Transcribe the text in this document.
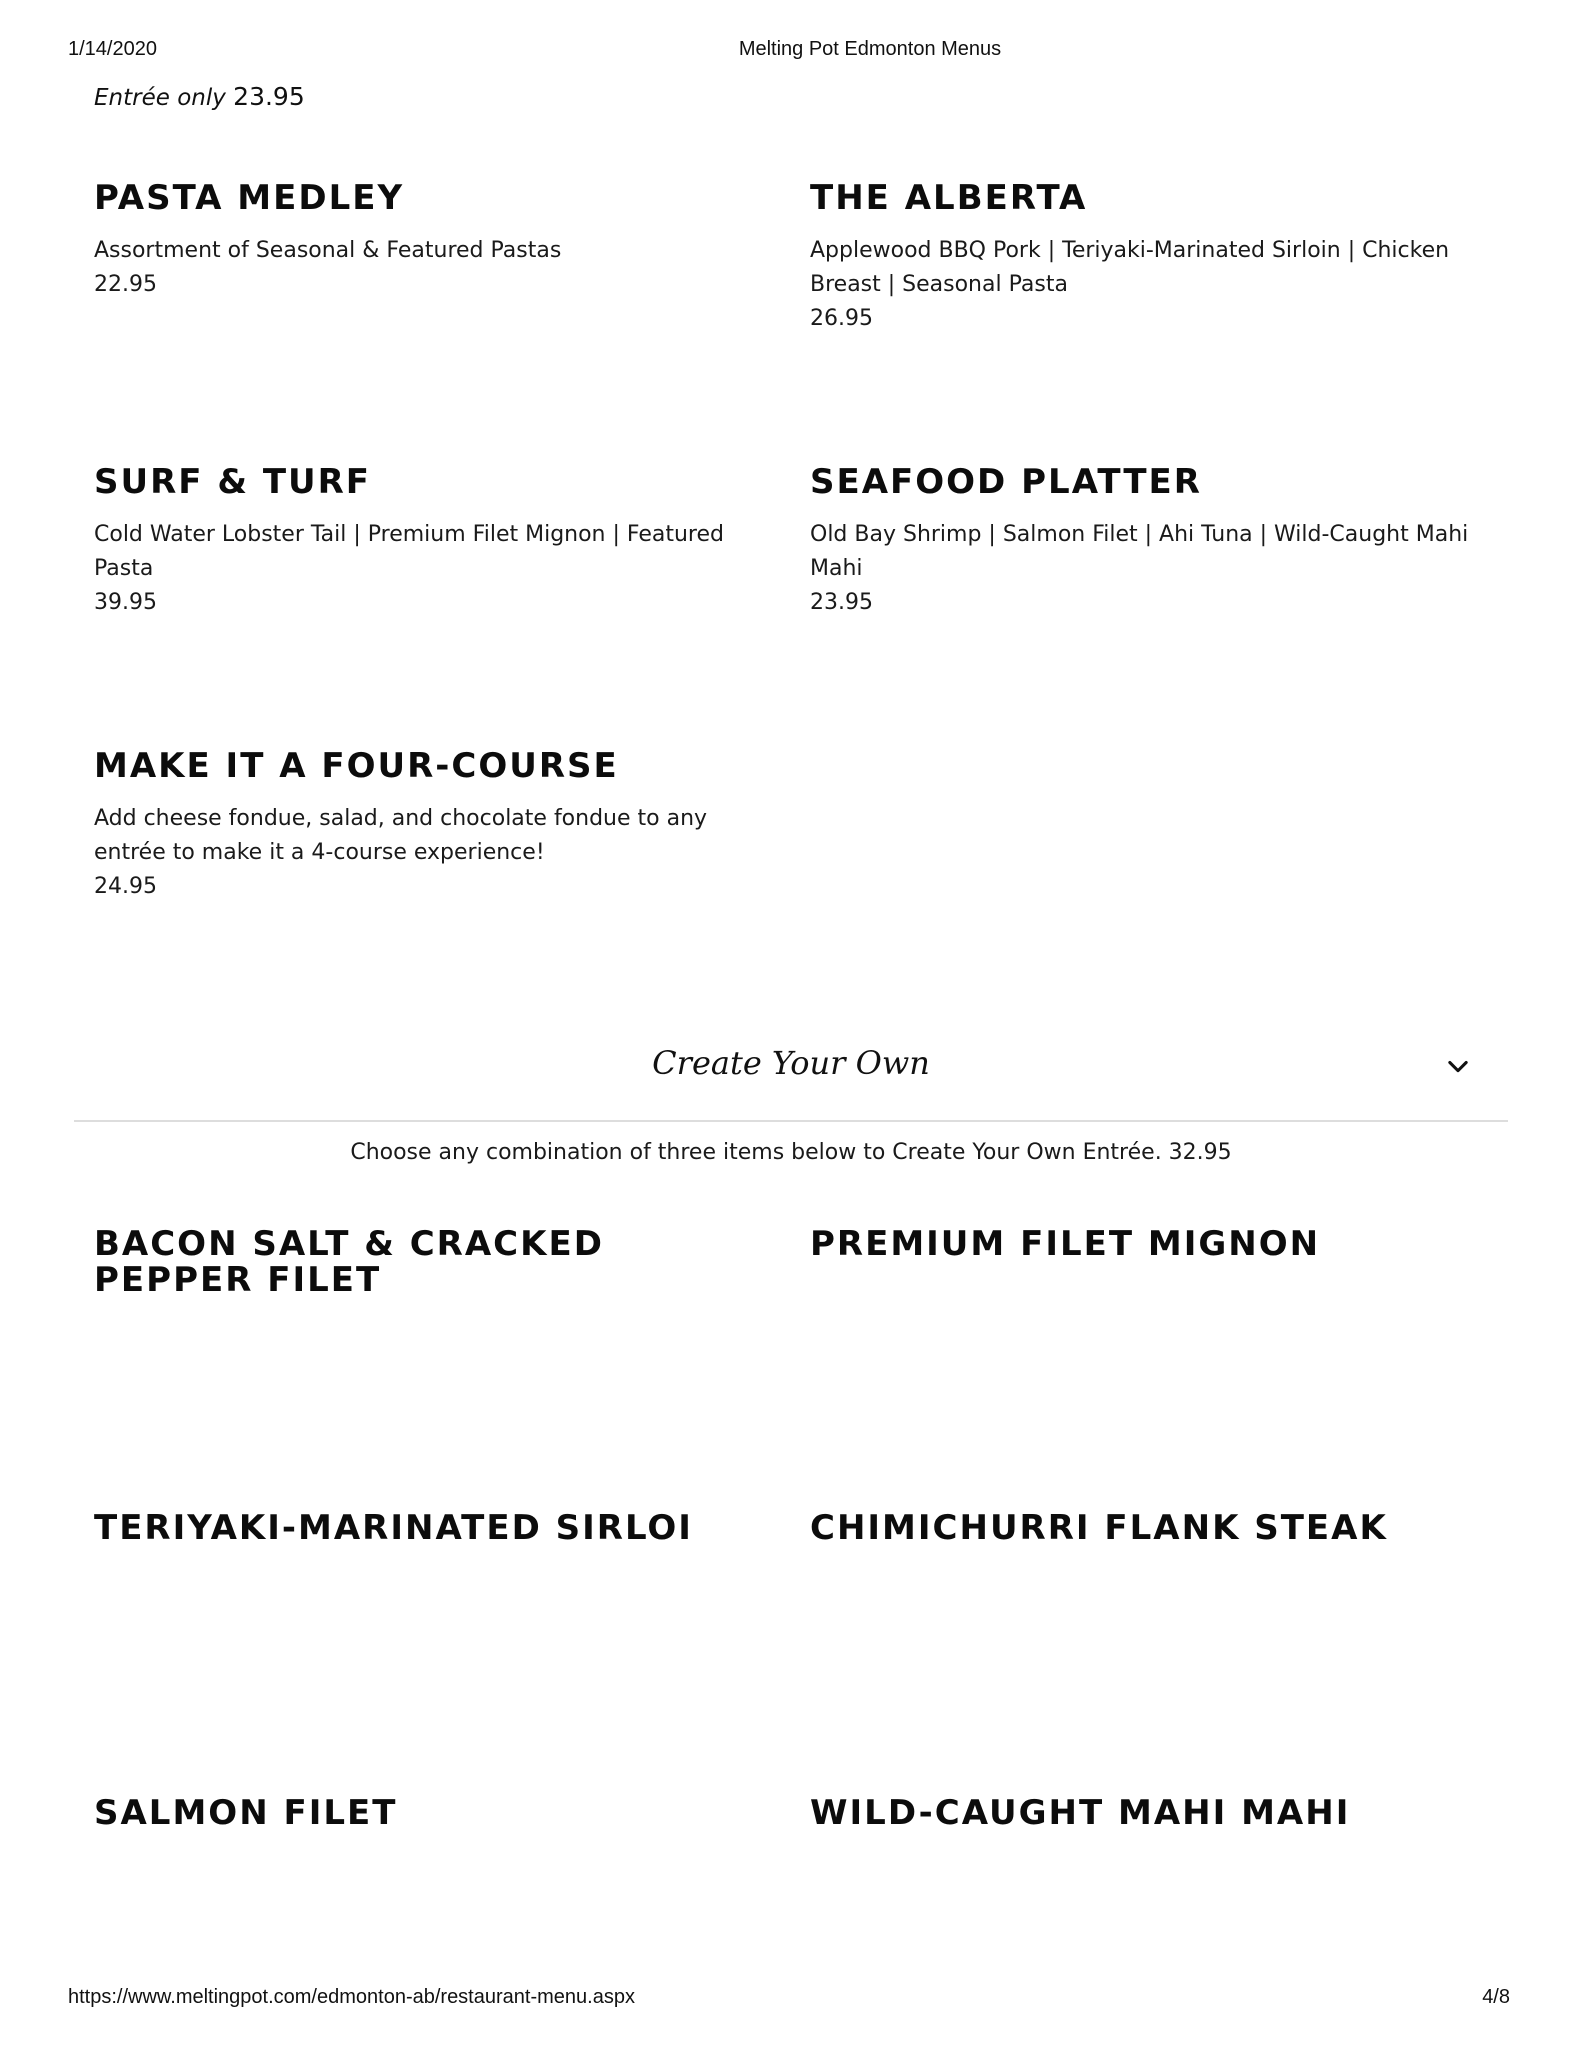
1/14/2020	Melting Pot Edmonton Menus
Entrée only 23.95
PASTA MEDLEY
Assortment of Seasonal & Featured Pastas
22.95
THE ALBERTA
Applewood BBQ Pork | Teriyaki-Marinated Sirloin | Chicken Breast | Seasonal Pasta
26.95
SURF & TURF
Cold Water Lobster Tail | Premium Filet Mignon | Featured Pasta
39.95
SEAFOOD PLATTER
Old Bay Shrimp | Salmon Filet | Ahi Tuna | Wild-Caught Mahi Mahi
23.95
MAKE IT A FOUR-COURSE
Add cheese fondue, salad, and chocolate fondue to any entrée to make it a 4-course experience!
24.95
Create Your Own
Choose any combination of three items below to Create Your Own Entrée. 32.95
BACON SALT & CRACKED PEPPER FILET
PREMIUM FILET MIGNON
TERIYAKI-MARINATED SIRLOI	CHIMICHURRI FLANK STEAK
SALMON FILET	WILD-CAUGHT MAHI MAHI
https://www.meltingpot.com/edmonton-ab/restaurant-menu.aspx	4/8
